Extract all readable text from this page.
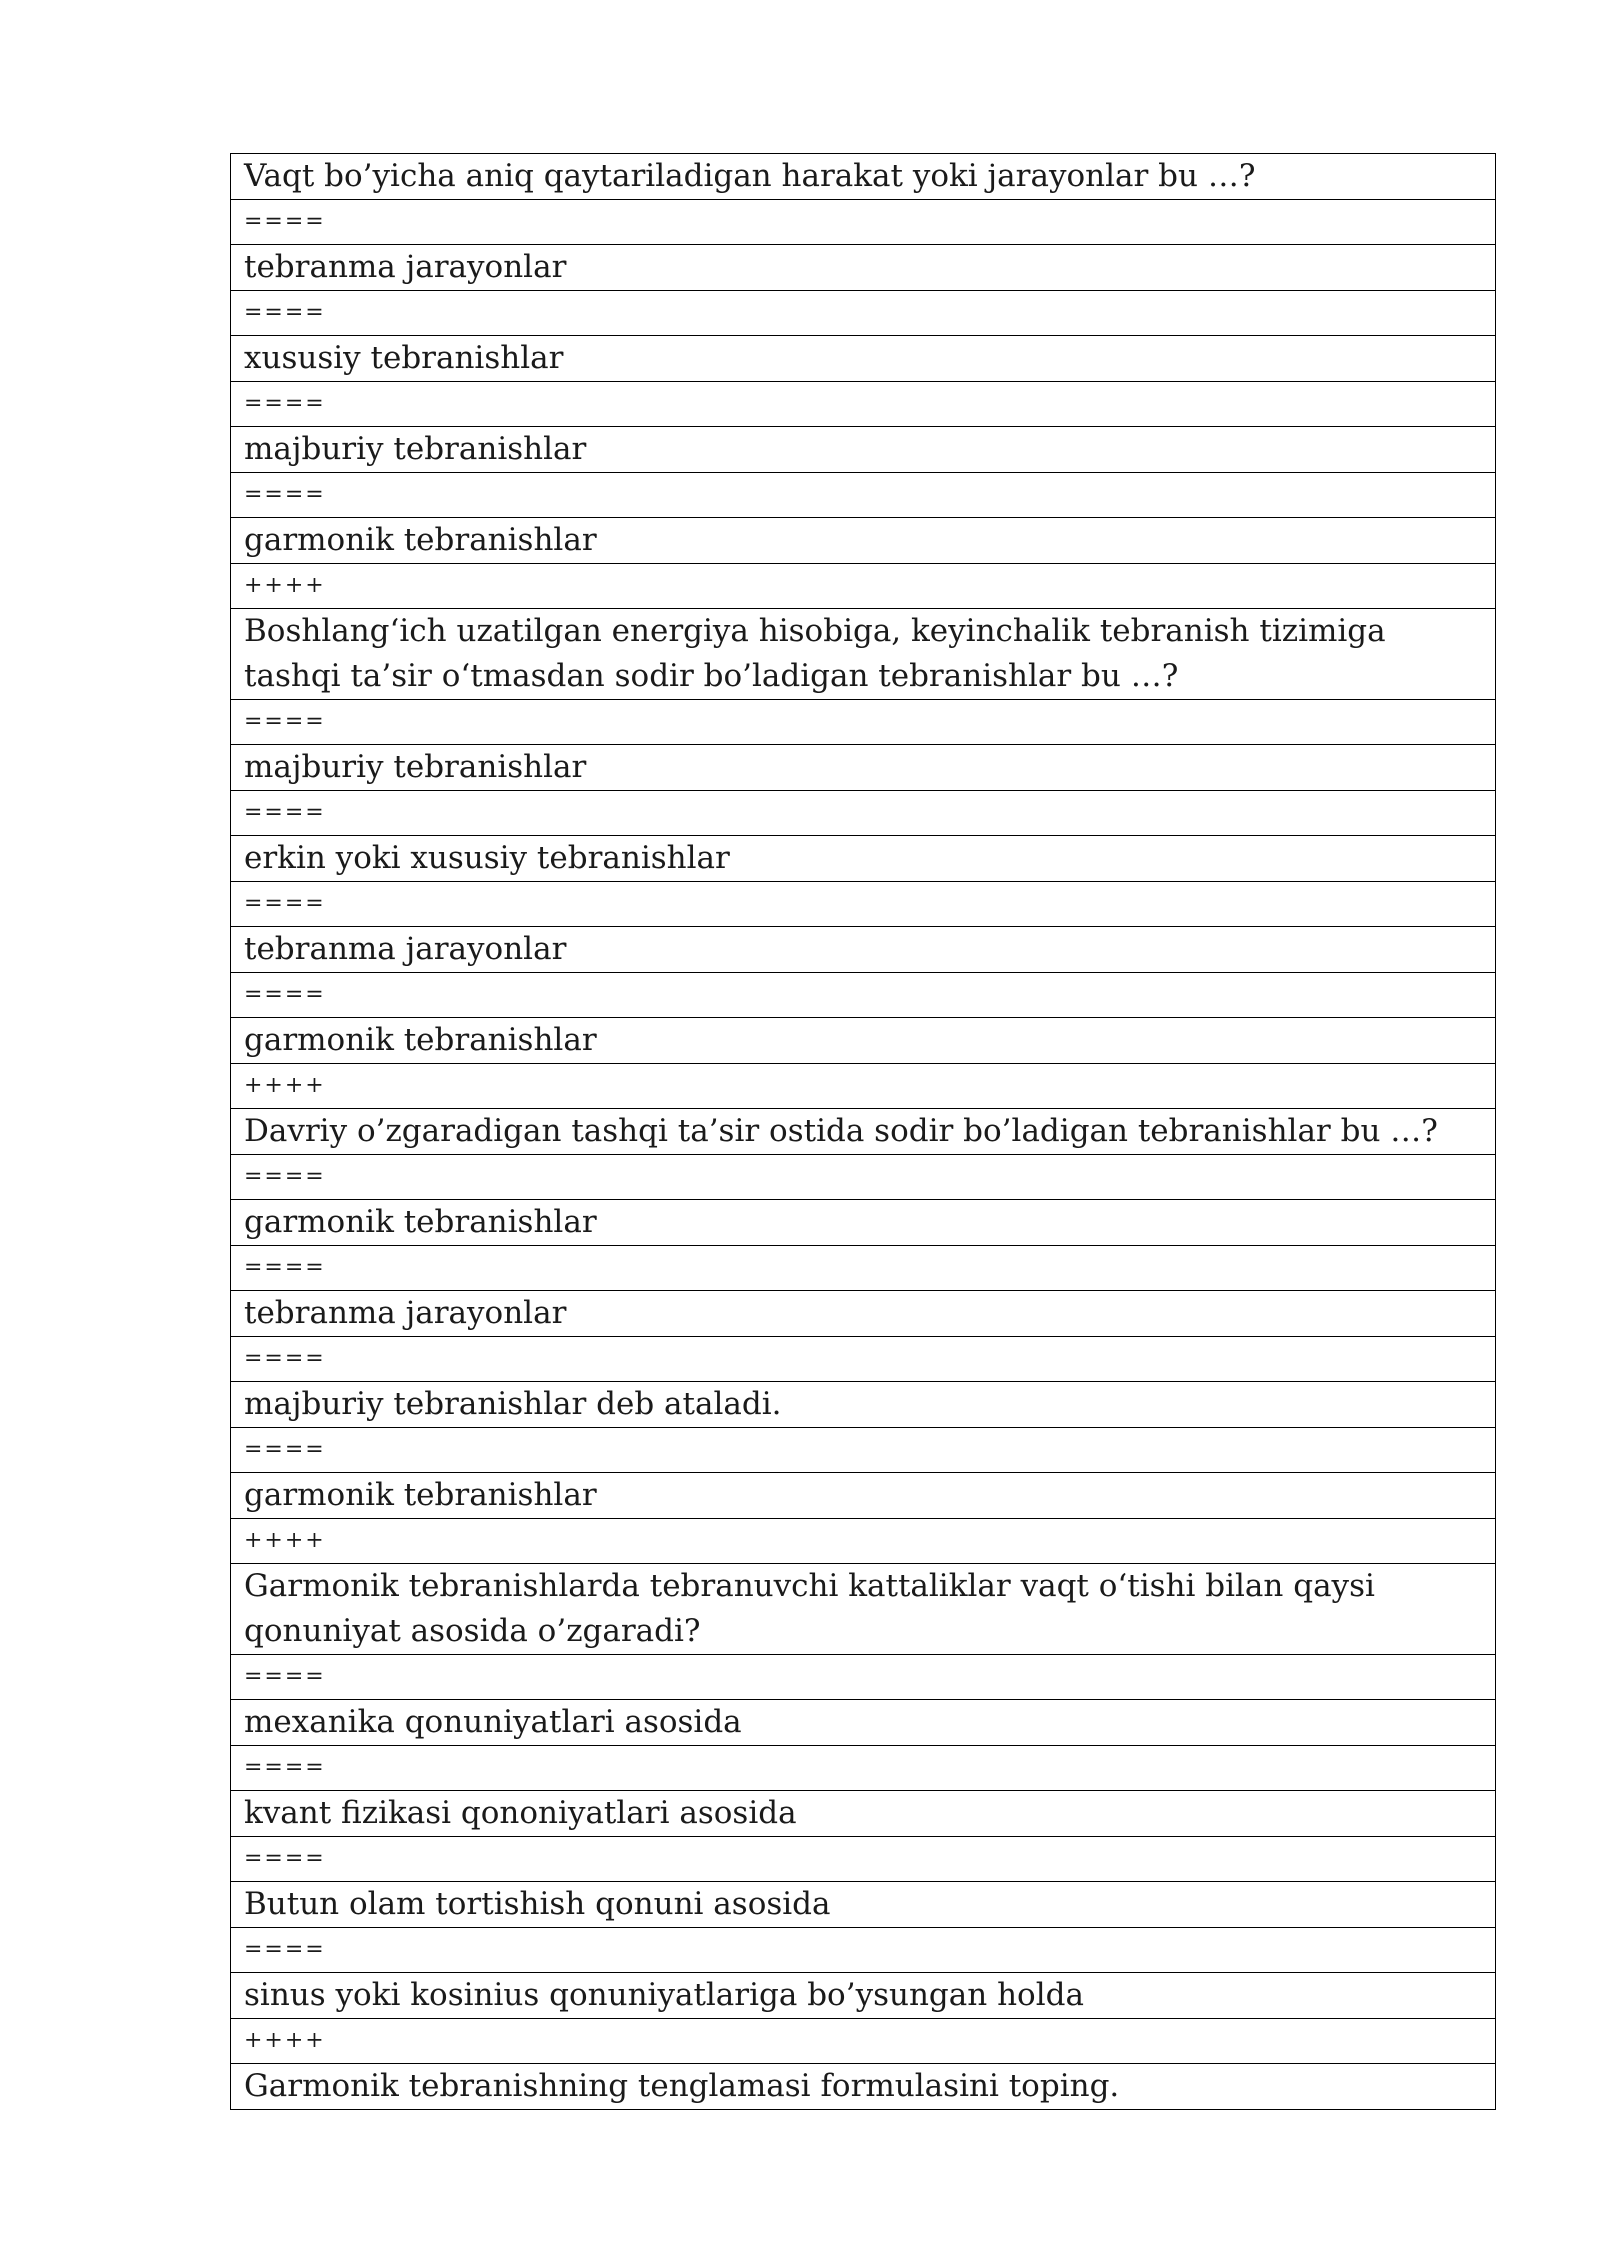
Vaqt bo’yicha aniq qaytariladigan harakat yoki jarayonlar bu …?
====
tebranma jarayonlar
====
xususiy tebranishlar
====
majburiy tebranishlar
====
garmonik tebranishlar
++++
Boshlang‘ich uzatilgan energiya hisobiga, keyinchalik tebranish tizimiga tashqi ta’sir o‘tmasdan sodir bo’ladigan tebranishlar bu …?
====
majburiy tebranishlar
====
erkin yoki xususiy tebranishlar
====
tebranma jarayonlar
====
garmonik tebranishlar
++++
Davriy o’zgaradigan tashqi ta’sir ostida sodir bo’ladigan tebranishlar bu …?
====
garmonik tebranishlar
====
tebranma jarayonlar
====
majburiy tebranishlar deb ataladi.
====
garmonik tebranishlar
++++
Garmonik tebranishlarda tebranuvchi kattaliklar vaqt o‘tishi bilan qaysi qonuniyat asosida o’zgaradi?
====
mexanika qonuniyatlari asosida
====
kvant fizikasi qononiyatlari asosida
====
Butun olam tortishish qonuni asosida
====
sinus yoki kosinius qonuniyatlariga bo’ysungan holda
++++
Garmonik tebranishning tenglamasi formulasini toping.
